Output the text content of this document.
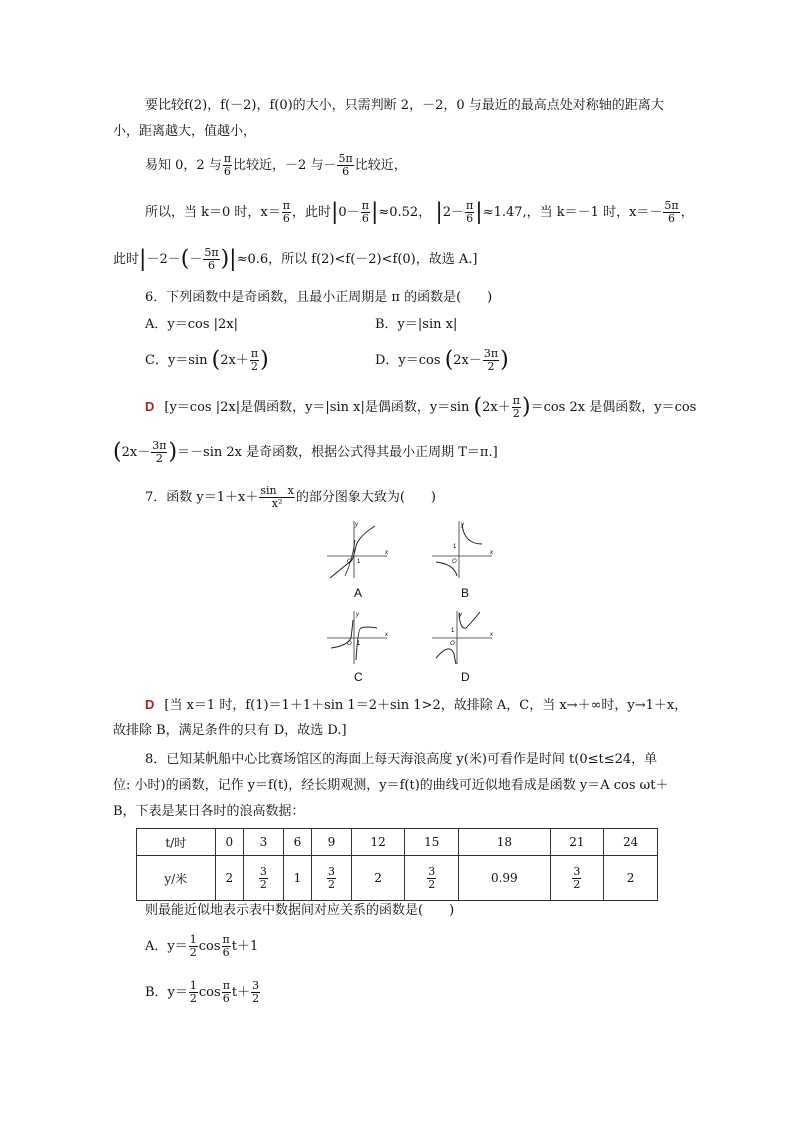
要比较f(2)，f(－2)，f(0)的大小，只需判断 2，－2，0 与最近的最高点处对称轴的距离大
小，距离越大，值越小，
易知 0，2 与 $\frac{\pi}{6}$ 比较近，－2 与－ $\frac{5\pi}{6}$ 比较近，
所以，当 k＝0 时，$x= \frac{\pi}{6}$ ，此时$|0- \frac{\pi}{6} |\approx 0.52$， $|2- \frac{\pi}{6} |\approx 1.47$,，当 k＝－1 时，$x=- \frac{5\pi}{6}$ ，
此时$|-2-(- \frac{5\pi}{6} )|\approx 0.6$，所以 f(2)<f(－2)<f(0)，故选 A.]
6．下列函数中是奇函数，且最小正周期是 π 的函数是(　　)
A．y＝cos |2x|	B．y＝|sin x|
C．y＝sin ($2x+ \frac{\pi}{2}$ )	D．y＝cos ($2x- \frac{3\pi}{2}$ )
D [y＝cos |2x|是偶函数，y＝|sin x|是偶函数，y＝sin $(2x+ \frac{\pi}{2} )=\cos$ 2x 是偶函数，y＝cos
$(2x- \frac{3\pi}{2} )=-\sin$ 2x 是奇函数，根据公式得其最小正周期 T＝π.]
7．函数 $y=1+x+ \frac{\text{sin　x}}{\text{x²}}$ 的部分图象大致为(　　)
y
x
O 1
A
y
x
O
1
B
y
x
O 1
C
y
x
O
1
D
D [当 x＝1 时，f(1)＝1＋1＋sin 1＝2＋sin 1>2，故排除 A，C，当 x→＋∞时，y→1＋x，
故排除 B，满足条件的只有 D，故选 D.]
8．已知某帆船中心比赛场馆区的海面上每天海浪高度 y(米)可看作是时间 t(0≤t≤24，单
位: 小时)的函数，记作 y＝f(t)，经长期观测，y＝f(t)的曲线可近似地看成是函数 y＝A cos ωt＋
B，下表是某日各时的浪高数据：
t/时	0	3	6	9	12	15	18	21	24
y/米	2	$\frac{3}{2}$	1	$\frac{3}{2}$	2	$\frac{3}{2}$	0.99	$\frac{3}{2}$	2
则最能近似地表示表中数据间对应关系的函数是(　　)
A．$y= \frac{1}{2}$ $\cos \frac{\pi}{6} t+1$
B．$y= \frac{1}{2}$ $\cos \frac{\pi}{6} t+ \frac{3}{2}$
